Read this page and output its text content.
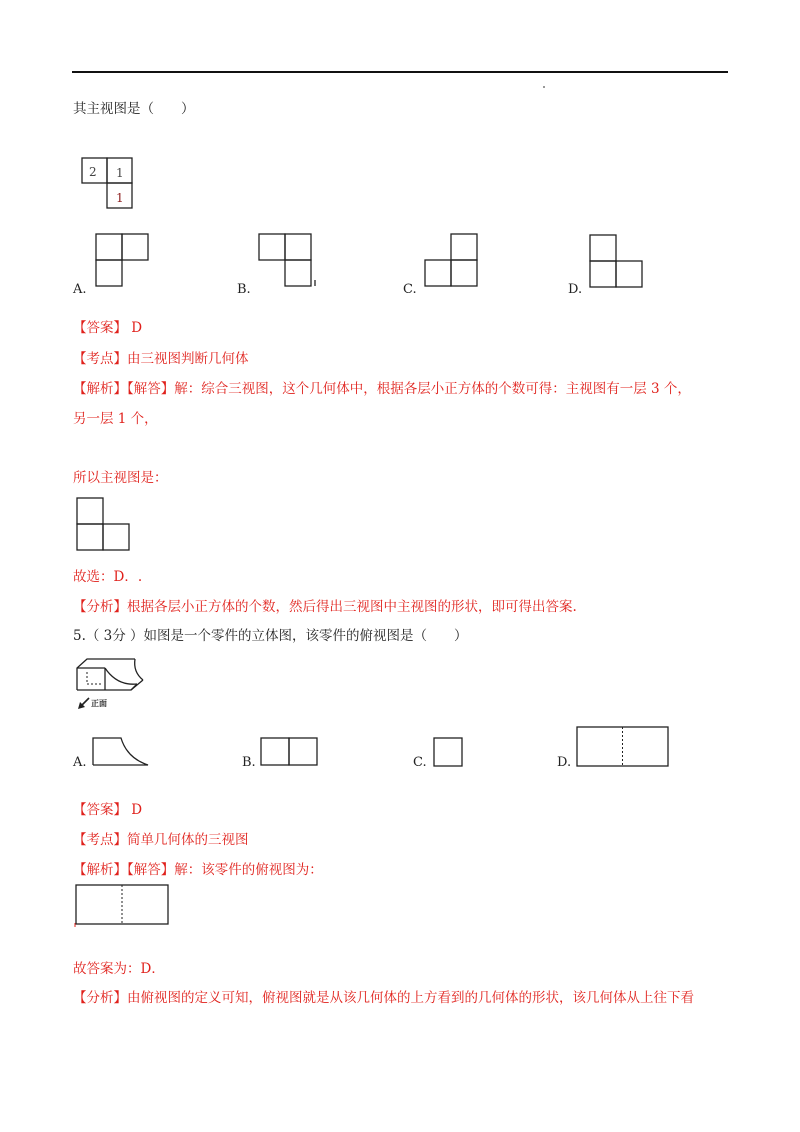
其主视图是（　　）
2 1
1
A.	B.	C.	D.
【答案】 D
【考点】由三视图判断几何体
【解析】【解答】解：综合三视图，这个几何体中，根据各层小正方体的个数可得：主视图有一层 3 个，
另一层 1 个，
所以主视图是：
故选：D．.
【分析】根据各层小正方体的个数，然后得出三视图中主视图的形状，即可得出答案.
5.（ 3分 ）如图是一个零件的立体图，该零件的俯视图是（　　）
正面
A.	B.	C.	D.
【答案】 D
【考点】简单几何体的三视图
【解析】【解答】解：该零件的俯视图为：
故答案为：D．
【分析】由俯视图的定义可知，俯视图就是从该几何体的上方看到的几何体的形状，该几何体从上往下看
